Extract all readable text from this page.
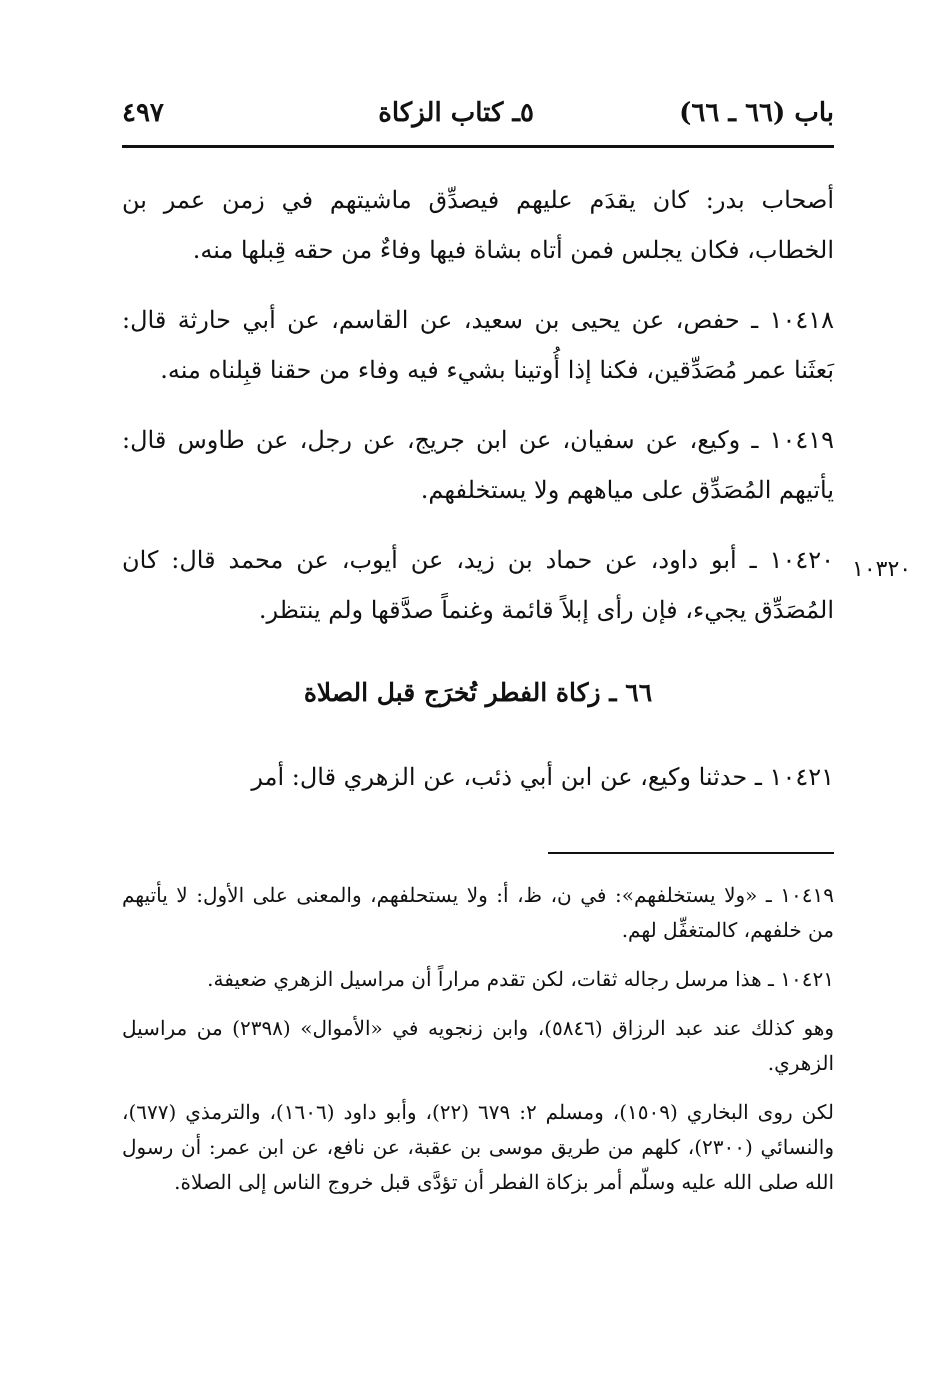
باب (٦٦ ـ ٦٦)
٥ـ كتاب الزكاة
٤٩٧

أصحاب بدر: كان يقدَم عليهم فيصدِّق ماشيتهم في زمن عمر بن الخطاب، فكان يجلس فمن أتاه بشاة فيها وفاءٌ من حقه قِبلها منه.

١٠٤١٨ ـ حفص، عن يحيى بن سعيد، عن القاسم، عن أبي حارثة قال: بَعثَنا عمر مُصَدِّقين، فكنا إذا أُوتينا بشيء فيه وفاء من حقنا قبِلناه منه.

١٠٤١٩ ـ وكيع، عن سفيان، عن ابن جريج، عن رجل، عن طاوس قال: يأتيهم المُصَدِّق على مياههم ولا يستخلفهم.

١٠٤٢٠ ـ أبو داود، عن حماد بن زيد، عن أيوب، عن محمد قال: كان المُصَدِّق يجيء، فإن رأى إبلاً قائمة وغنماً صدَّقها ولم ينتظر.

١٠٣٢٠
٦٦ ـ زكاة الفطر تُخرَج قبل الصلاة

١٠٤٢١ ـ حدثنا وكيع، عن ابن أبي ذئب، عن الزهري قال: أمر

١٠٤١٩ ـ «ولا يستخلفهم»: في ن، ظ، أ: ولا يستحلفهم، والمعنى على الأول: لا يأتيهم من خلفهم، كالمتغفِّل لهم.

١٠٤٢١ ـ هذا مرسل رجاله ثقات، لكن تقدم مراراً أن مراسيل الزهري ضعيفة.

وهو كذلك عند عبد الرزاق (٥٨٤٦)، وابن زنجويه في «الأموال» (٢٣٩٨) من مراسيل الزهري.

لكن روى البخاري (١٥٠٩)، ومسلم ٢: ٦٧٩ (٢٢)، وأبو داود (١٦٠٦)، والترمذي (٦٧٧)، والنسائي (٢٣٠٠)، كلهم من طريق موسى بن عقبة، عن نافع، عن ابن عمر: أن رسول الله صلى الله عليه وسلّم أمر بزكاة الفطر أن تؤدَّى قبل خروج الناس إلى الصلاة.
